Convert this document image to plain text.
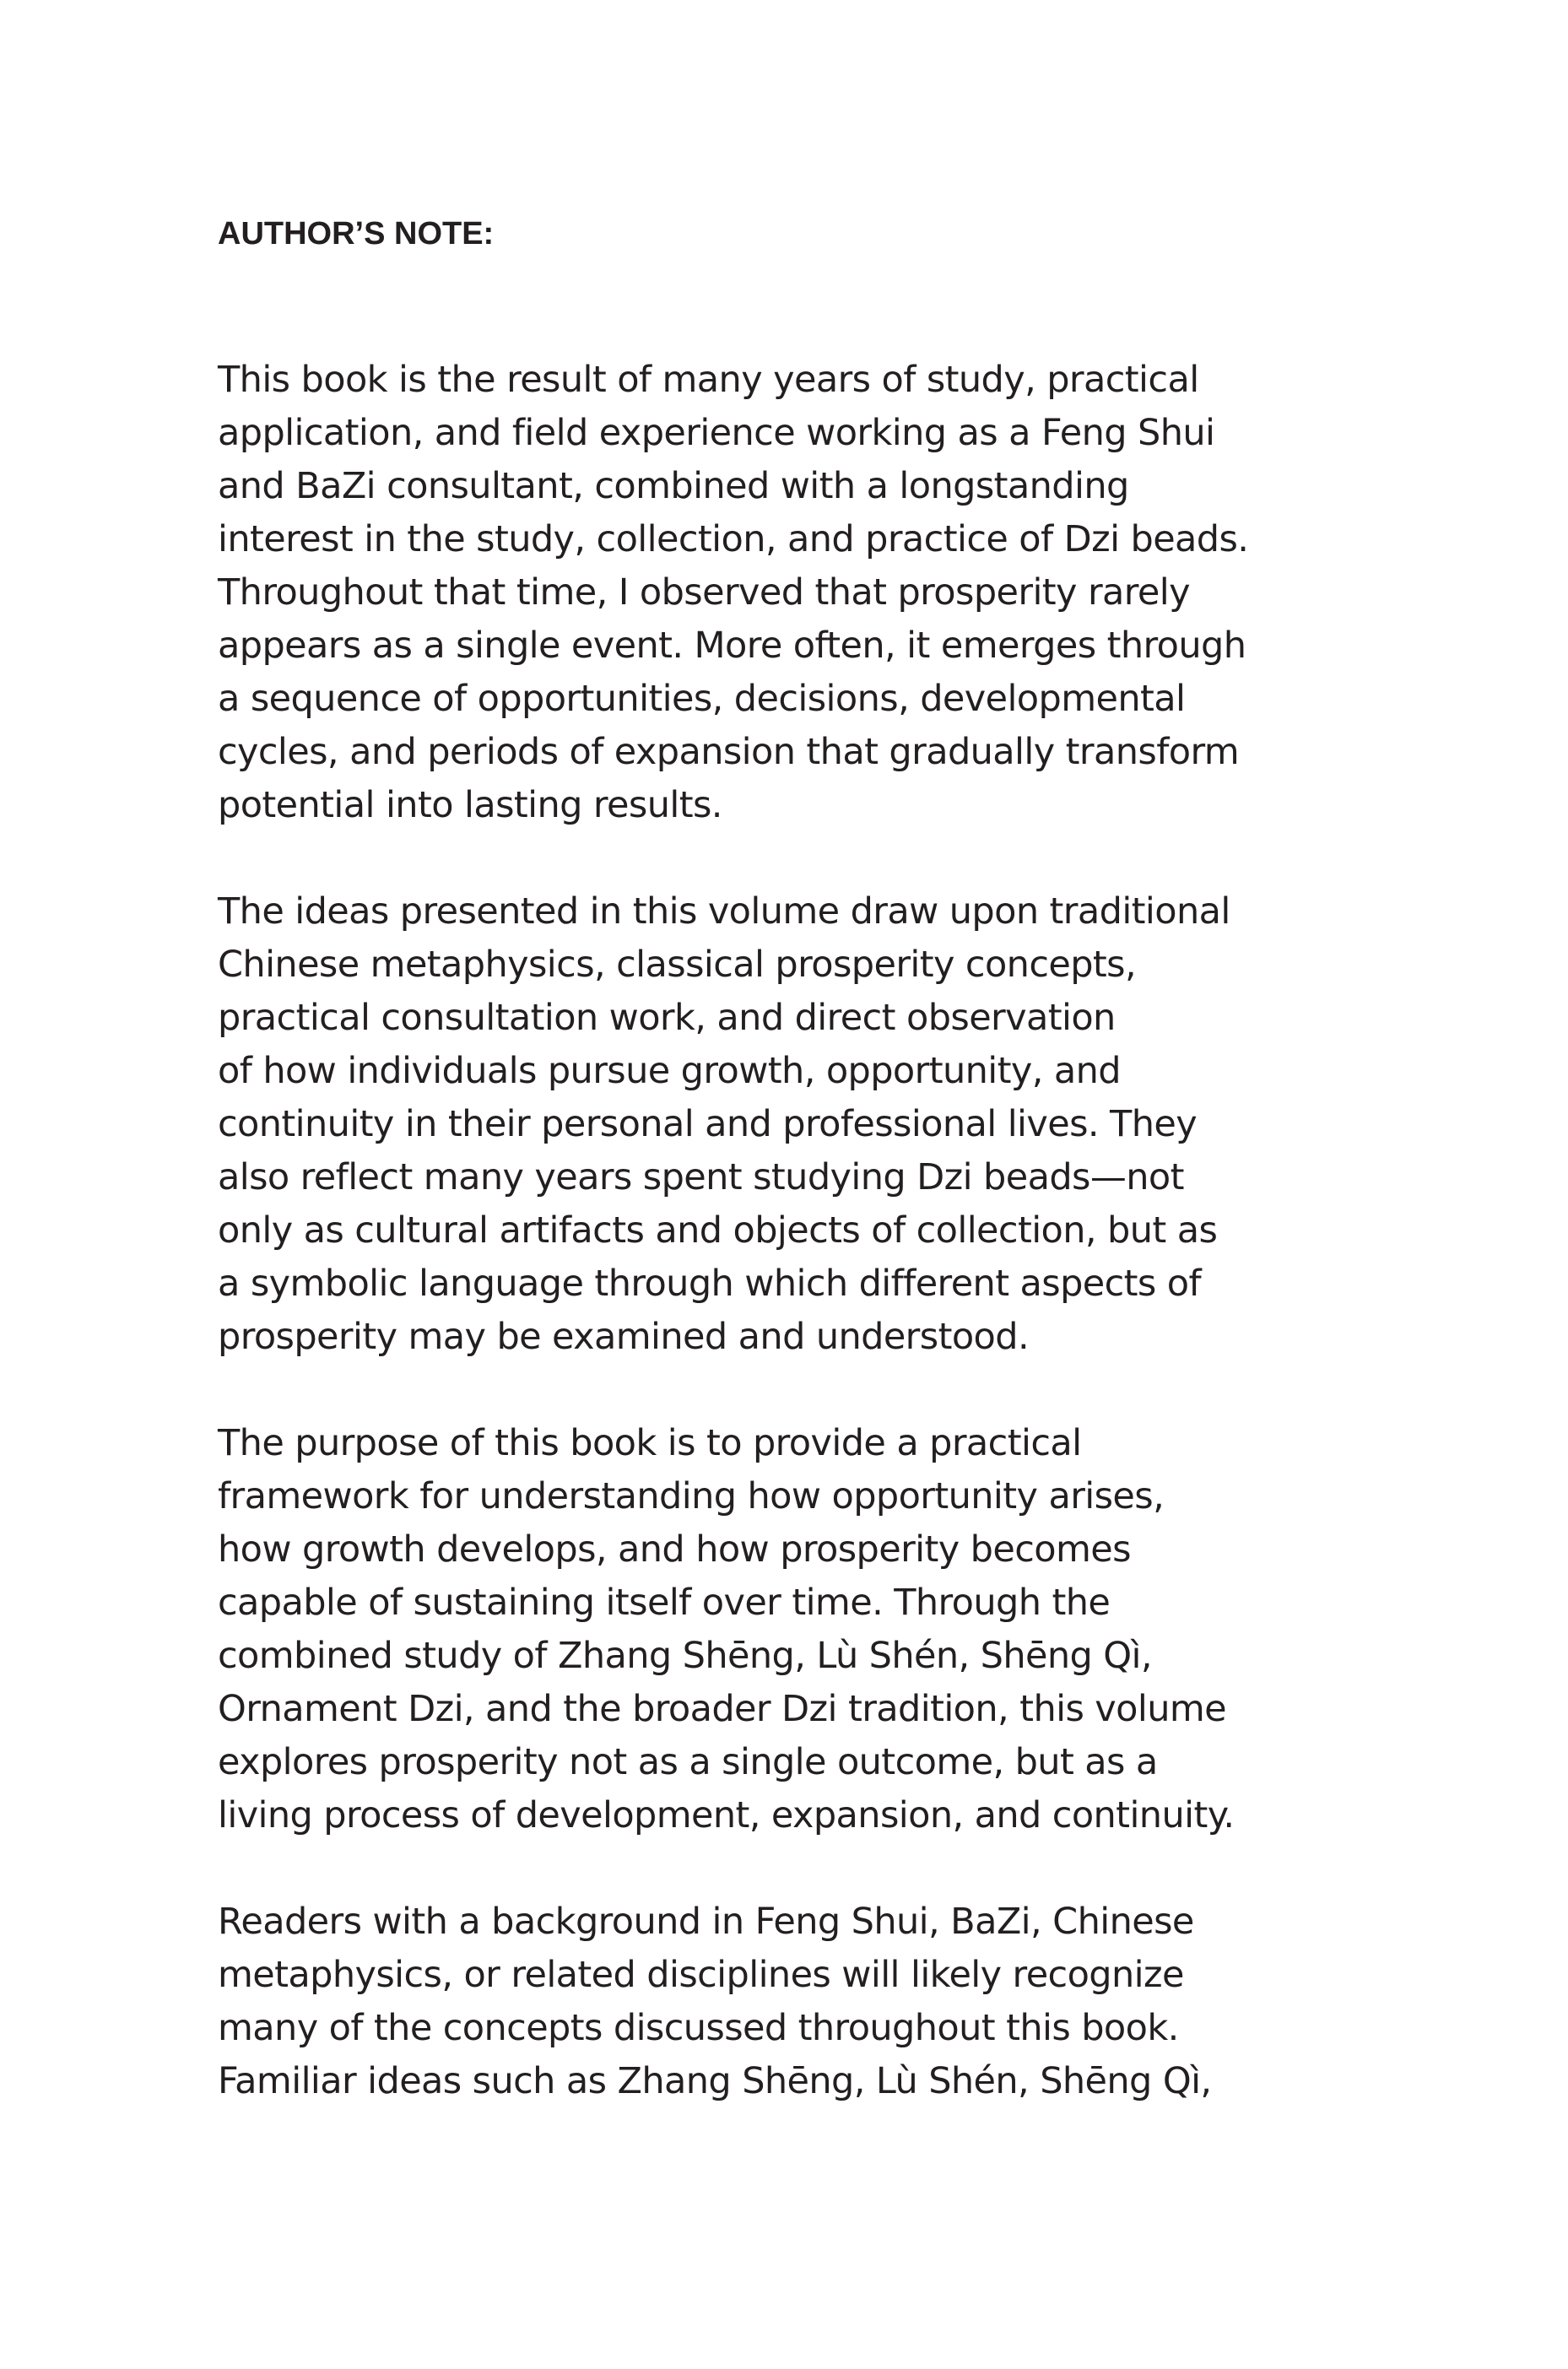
AUTHOR’S NOTE:
This book is the result of many years of study, practical
application, and field experience working as a Feng Shui
and BaZi consultant, combined with a longstanding
interest in the study, collection, and practice of Dzi beads.
Throughout that time, I observed that prosperity rarely
appears as a single event. More often, it emerges through
a sequence of opportunities, decisions, developmental
cycles, and periods of expansion that gradually transform
potential into lasting results.
The ideas presented in this volume draw upon traditional
Chinese metaphysics, classical prosperity concepts,
practical consultation work, and direct observation
of how individuals pursue growth, opportunity, and
continuity in their personal and professional lives. They
also reflect many years spent studying Dzi beads—not
only as cultural artifacts and objects of collection, but as
a symbolic language through which different aspects of
prosperity may be examined and understood.
The purpose of this book is to provide a practical
framework for understanding how opportunity arises,
how growth develops, and how prosperity becomes
capable of sustaining itself over time. Through the
combined study of Zhang Shēng, Lù Shén, Shēng Qì,
Ornament Dzi, and the broader Dzi tradition, this volume
explores prosperity not as a single outcome, but as a
living process of development, expansion, and continuity.
Readers with a background in Feng Shui, BaZi, Chinese
metaphysics, or related disciplines will likely recognize
many of the concepts discussed throughout this book.
Familiar ideas such as Zhang Shēng, Lù Shén, Shēng Qì,
